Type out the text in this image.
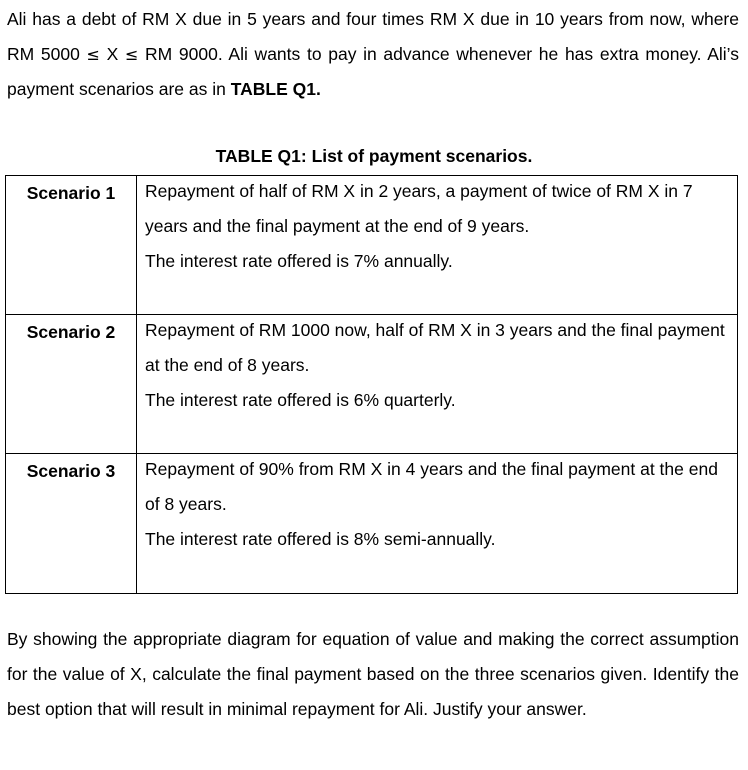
Ali has a debt of RM X due in 5 years and four times RM X due in 10 years from now, where RM 5000 ≤ X ≤ RM 9000. Ali wants to pay in advance whenever he has extra money. Ali’s payment scenarios are as in TABLE Q1.

TABLE Q1: List of payment scenarios.

Scenario 1	Repayment of half of RM X in 2 years, a payment of twice of RM X in 7 years and the final payment at the end of 9 years.

The interest rate offered is 7% annually.

Scenario 2	Repayment of RM 1000 now, half of RM X in 3 years and the final payment at the end of 8 years.

The interest rate offered is 6% quarterly.

Scenario 3	Repayment of 90% from RM X in 4 years and the final payment at the end of 8 years.

The interest rate offered is 8% semi-annually.

By showing the appropriate diagram for equation of value and making the correct assumption for the value of X, calculate the final payment based on the three scenarios given. Identify the best option that will result in minimal repayment for Ali. Justify your answer.
